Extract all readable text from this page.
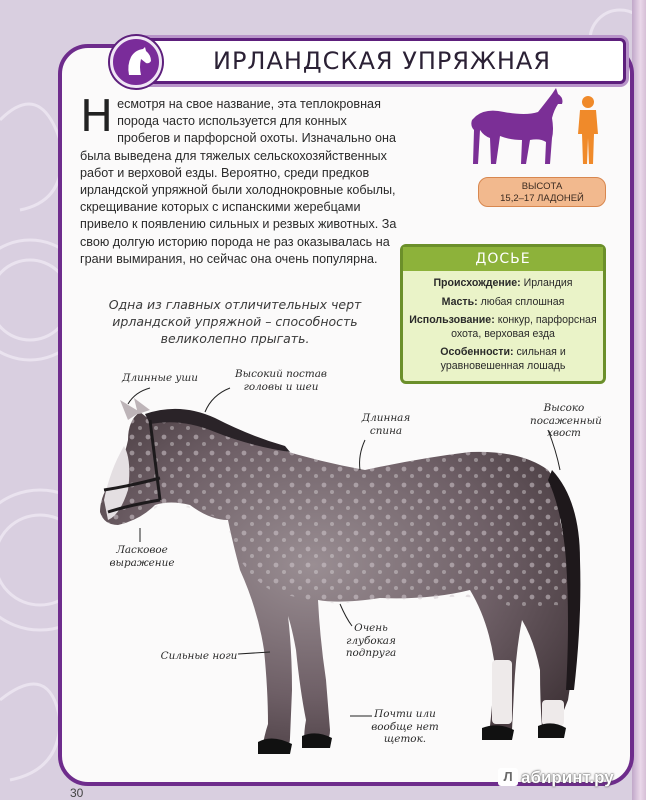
ИРЛАНДСКАЯ УПРЯЖНАЯ
Несмотря на свое название, эта теплокровная порода часто используется для конных пробегов и парфорсной охоты. Изначально она была выведена для тяжелых сельскохозяйственных работ и верховой езды. Вероятно, среди предков ирландской упряжной были холоднокровные кобылы, скрещивание которых с испанскими жеребцами привело к появлению сильных и резвых животных. За свою долгую историю порода не раз оказывалась на грани вымирания, но сейчас она очень популярна.
ВЫСОТА
15,2–17 ЛАДОНЕЙ
ДОСЬЕ
Происхождение: Ирландия
Масть: любая сплошная
Использование: конкур, парфорсная охота, верховая езда
Особенности: сильная и уравновешенная лошадь
Одна из главных отличительных черт ирландской упряжной – способность великолепно прыгать.
Длинные уши	Высокий постав головы и шеи
Длинная спина
Высоко посаженный хвост
Ласковое выражение
Очень глубокая подпруга
Сильные ноги
Почти или вообще нет щеток.
30
Л абиринт.ру
